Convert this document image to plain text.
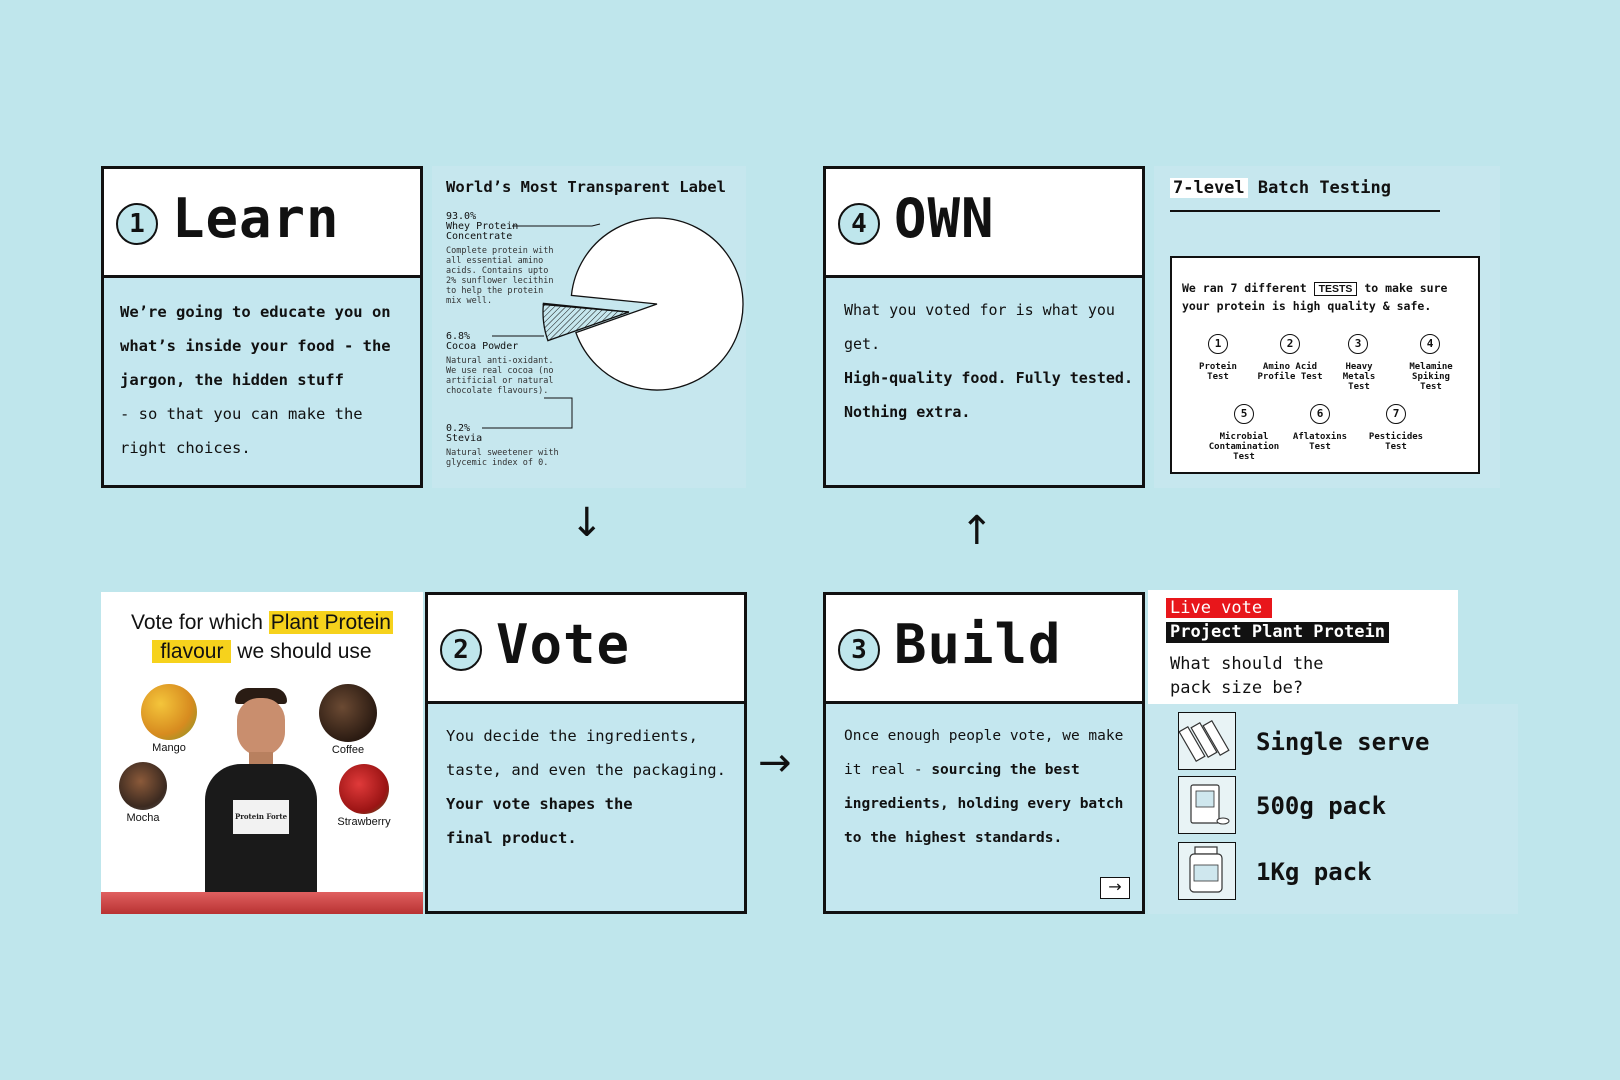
1 Learn
We’re going to educate you on
what’s inside your food - the
jargon, the hidden stuff
- so that you can make the
right choices.
World’s Most Transparent Label
93.0%
Whey Protein
Concentrate
Complete protein with
all essential amino
acids. Contains upto
2% sunflower lecithin
to help the protein
mix well.
6.8%
Cocoa Powder
Natural anti-oxidant.
We use real cocoa (no
artificial or natural
chocolate flavours).
0.2%
Stevia
Natural sweetener with
glycemic index of 0.
4 OWN
What you voted for is what you get.
High-quality food. Fully tested.
Nothing extra.
7-level Batch Testing
We ran 7 different TESTS to make sure
your protein is high quality & safe.
1
Protein
Test
2
Amino Acid
Profile Test
3
Heavy
Metals
Test
4
Melamine
Spiking
Test
5
Microbial
Contamination
Test
6
Aflatoxins
Test
7
Pesticides
Test
Vote for which Plant Protein
flavour we should use
Mango	Coffee
Mocha	Strawberry
Protein Forte
2 Vote
You decide the ingredients,
taste, and even the packaging.
Your vote shapes the
final product.
3 Build
Once enough people vote, we make
it real - sourcing the best
ingredients, holding every batch
to the highest standards.
→
Live vote
Project Plant Protein
What should the
pack size be?
Single serve
500g pack
1Kg pack
↓
→
↑
